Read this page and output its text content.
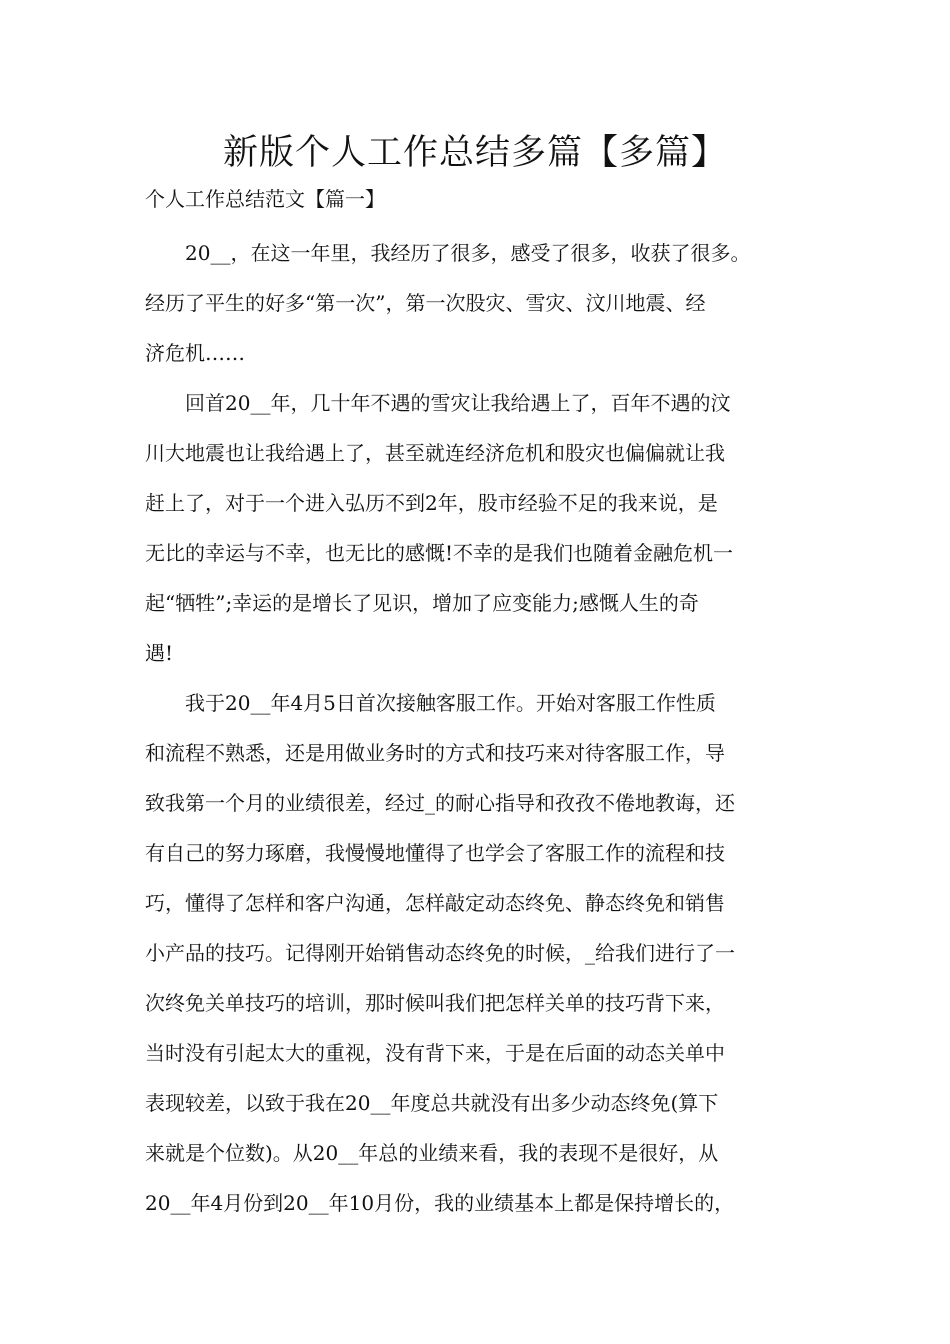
新版个人工作总结多篇【多篇】

个人工作总结范文【篇一】

　　20__，在这一年里，我经历了很多，感受了很多，收获了很多。

经历了平生的好多“第一次”，第一次股灾、雪灾、汶川地震、经

济危机……

　　回首20__年，几十年不遇的雪灾让我给遇上了，百年不遇的汶

川大地震也让我给遇上了，甚至就连经济危机和股灾也偏偏就让我

赶上了，对于一个进入弘历不到2年，股市经验不足的我来说，是

无比的幸运与不幸，也无比的感慨!不幸的是我们也随着金融危机一

起“牺牲”;幸运的是增长了见识，增加了应变能力;感慨人生的奇

遇!

　　我于20__年4月5日首次接触客服工作。开始对客服工作性质

和流程不熟悉，还是用做业务时的方式和技巧来对待客服工作，导

致我第一个月的业绩很差，经过_的耐心指导和孜孜不倦地教诲，还

有自己的努力琢磨，我慢慢地懂得了也学会了客服工作的流程和技

巧，懂得了怎样和客户沟通，怎样敲定动态终免、静态终免和销售

小产品的技巧。记得刚开始销售动态终免的时候，_给我们进行了一

次终免关单技巧的培训，那时候叫我们把怎样关单的技巧背下来，

当时没有引起太大的重视，没有背下来，于是在后面的动态关单中

表现较差，以致于我在20__年度总共就没有出多少动态终免(算下

来就是个位数)。从20__年总的业绩来看，我的表现不是很好，从

20__年4月份到20__年10月份，我的业绩基本上都是保持增长的，
